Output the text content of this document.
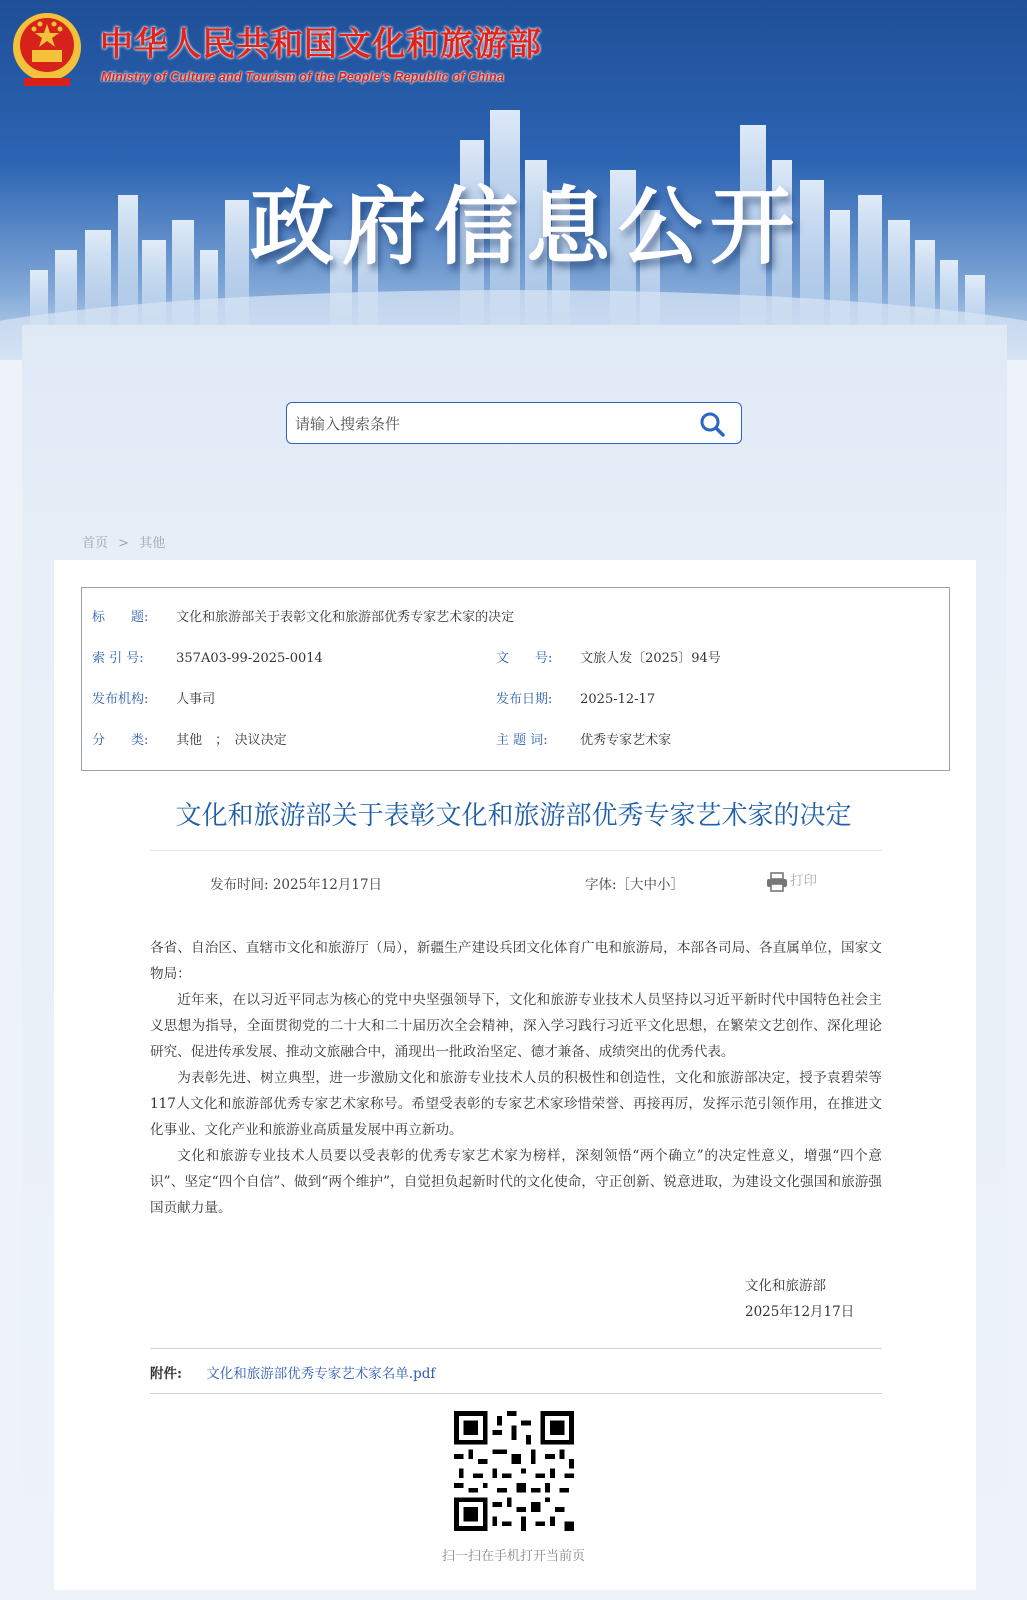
中华人民共和国文化和旅游部
Ministry of Culture and Tourism of the People's Republic of China
政府信息公开
请输入搜索条件
首页 > 其他
标　　题: 文化和旅游部关于表彰文化和旅游部优秀专家艺术家的决定
索 引 号: 357A03-99-2025-0014	文　　号: 文旅人发〔2025〕94号
发布机构: 人事司	发布日期: 2025-12-17
分　　类: 其他　；　决议决定	主 题 词: 优秀专家艺术家
文化和旅游部关于表彰文化和旅游部优秀专家艺术家的决定
发布时间: 2025年12月17日	字体:［大中小］	打印

各省、自治区、直辖市文化和旅游厅（局），新疆生产建设兵团文化体育广电和旅游局，本部各司局、各直属单位，国家文物局：

近年来，在以习近平同志为核心的党中央坚强领导下，文化和旅游专业技术人员坚持以习近平新时代中国特色社会主义思想为指导，全面贯彻党的二十大和二十届历次全会精神，深入学习践行习近平文化思想，在繁荣文艺创作、深化理论研究、促进传承发展、推动文旅融合中，涌现出一批政治坚定、德才兼备、成绩突出的优秀代表。

为表彰先进、树立典型，进一步激励文化和旅游专业技术人员的积极性和创造性，文化和旅游部决定，授予袁碧荣等117人文化和旅游部优秀专家艺术家称号。希望受表彰的专家艺术家珍惜荣誉、再接再厉，发挥示范引领作用，在推进文化事业、文化产业和旅游业高质量发展中再立新功。

文化和旅游专业技术人员要以受表彰的优秀专家艺术家为榜样，深刻领悟“两个确立”的决定性意义，增强“四个意识”、坚定“四个自信”、做到“两个维护”，自觉担负起新时代的文化使命，守正创新、锐意进取，为建设文化强国和旅游强国贡献力量。

文化和旅游部
2025年12月17日
附件: 文化和旅游部优秀专家艺术家名单.pdf
扫一扫在手机打开当前页
